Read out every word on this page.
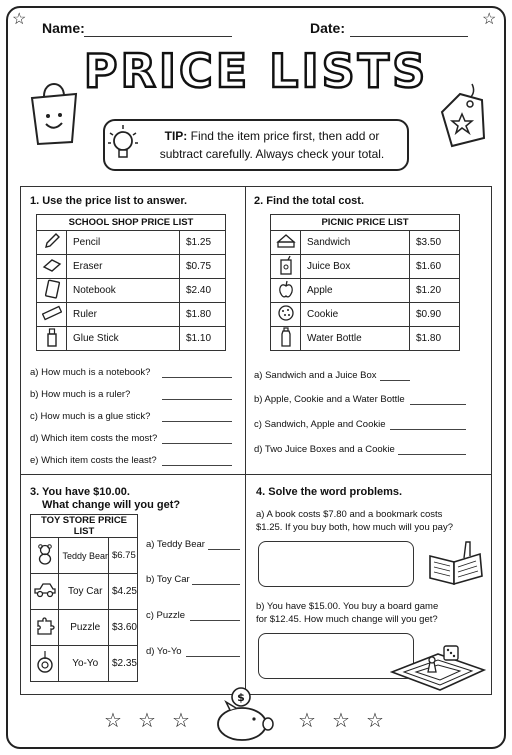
☆	☆
Name:	Date:
PRICE LISTS
TIP: Find the item price first, then add or subtract carefully. Always check your total.
1. Use the price list to answer.
SCHOOL SHOP PRICE LIST		
	Pencil	$1.25
	Eraser	$0.75
	Notebook	$2.40
	Ruler	$1.80
	Glue Stick	$1.10
a) How much is a notebook?
b) How much is a ruler?
c) How much is a glue stick?
d) Which item costs the most?
e) Which item costs the least?
2. Find the total cost.
PICNIC PRICE LIST		
	Sandwich	$3.50
	Juice Box	$1.60
	Apple	$1.20
	Cookie	$0.90
	Water Bottle	$1.80
a) Sandwich and a Juice Box
b) Apple, Cookie and a Water Bottle
c) Sandwich, Apple and Cookie
d) Two Juice Boxes and a Cookie
3. You have $10.00.
What change will you get?
TOY STORE PRICE LIST		
	Teddy Bear	$6.75
	Toy Car	$4.25
	Puzzle	$3.60
	Yo-Yo	$2.35
a) Teddy Bear
b) Toy Car
c) Puzzle
d) Yo-Yo
4. Solve the word problems.
a) A book costs $7.80 and a bookmark costs
$1.25. If you buy both, how much will you pay?
b) You have $15.00. You buy a board game
for $12.45. How much change will you get?
☆ ☆ ☆	☆ ☆ ☆
$
